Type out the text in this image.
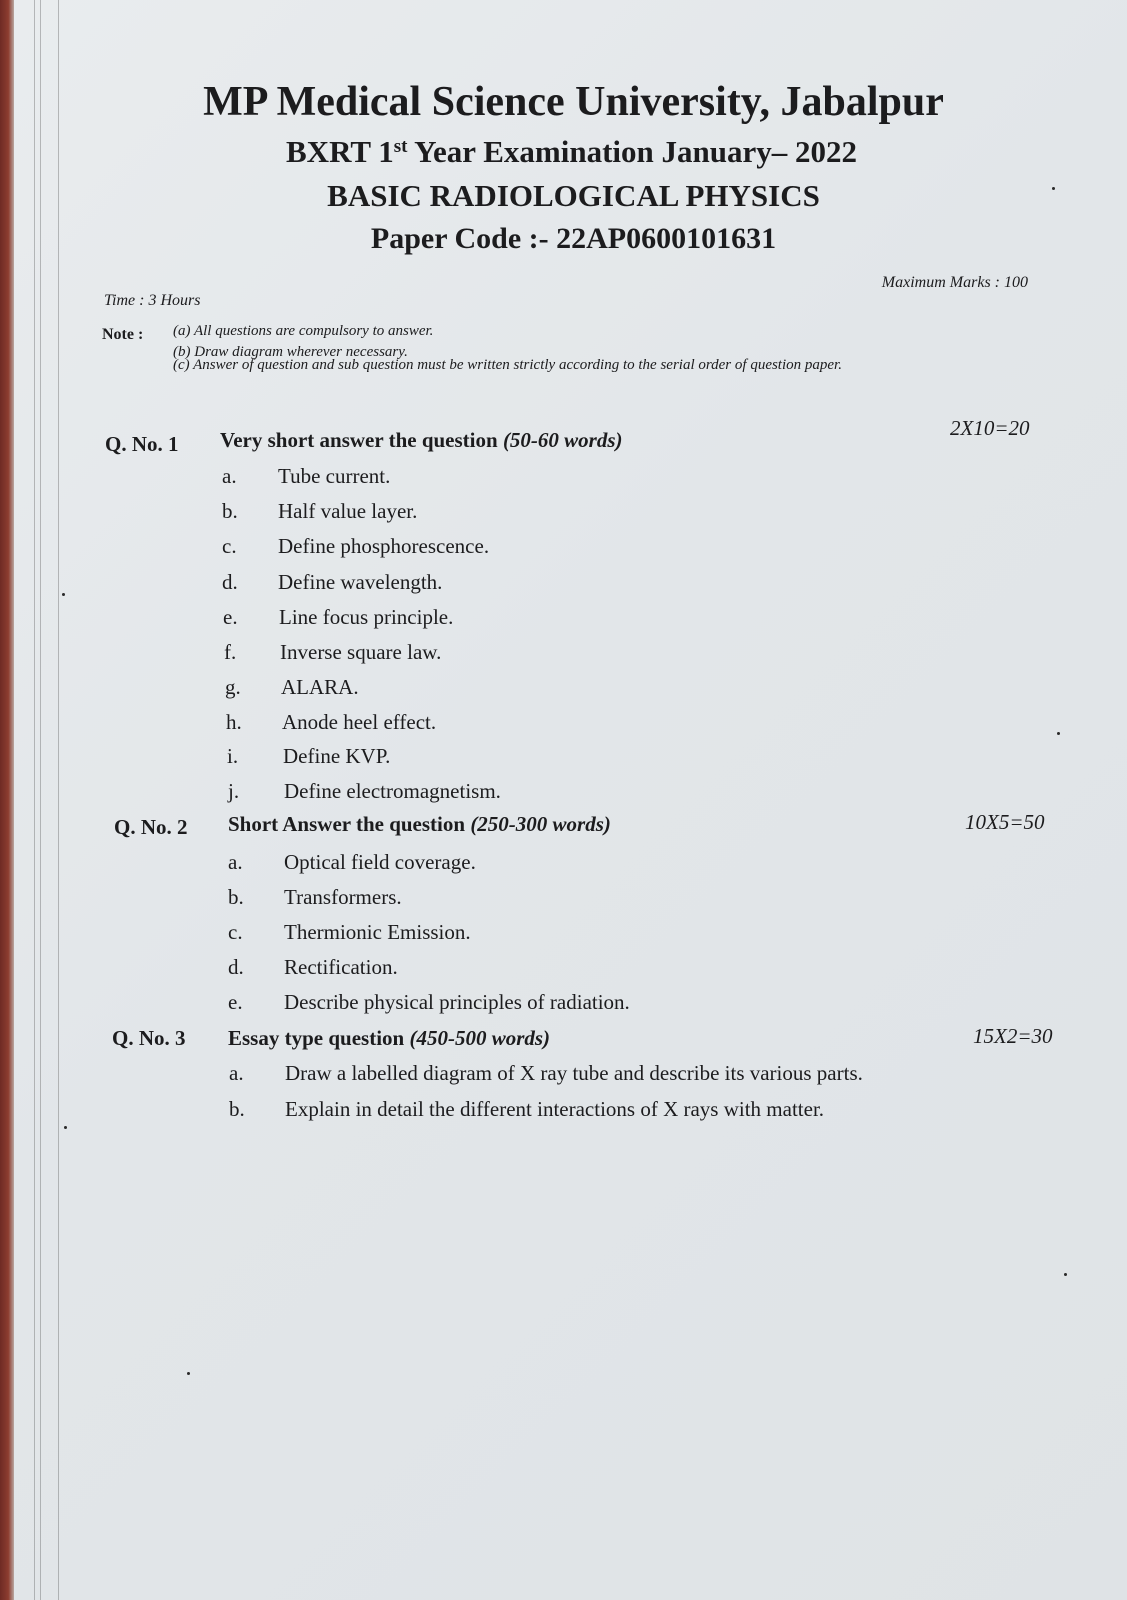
MP Medical Science University, Jabalpur
BXRT 1st Year Examination January– 2022
BASIC RADIOLOGICAL PHYSICS
Paper Code :- 22AP0600101631
Time : 3 Hours
Maximum Marks : 100
Note : (a) All questions are compulsory to answer.
(b) Draw diagram wherever necessary.
(c) Answer of question and sub question must be written strictly according to the serial order of question paper.
Q. No. 1 Very short answer the question (50-60 words)	2X10=20
a. Tube current.
b. Half value layer.
c. Define phosphorescence.
d. Define wavelength.
e. Line focus principle.
f. Inverse square law.
g. ALARA.
h. Anode heel effect.
i. Define KVP.
j. Define electromagnetism.
Q. No. 2 Short Answer the question (250-300 words)	10X5=50
a. Optical field coverage.
b. Transformers.
c. Thermionic Emission.
d. Rectification.
e. Describe physical principles of radiation.
Q. No. 3 Essay type question (450-500 words)	15X2=30
a. Draw a labelled diagram of X ray tube and describe its various parts.
b. Explain in detail the different interactions of X rays with matter.
